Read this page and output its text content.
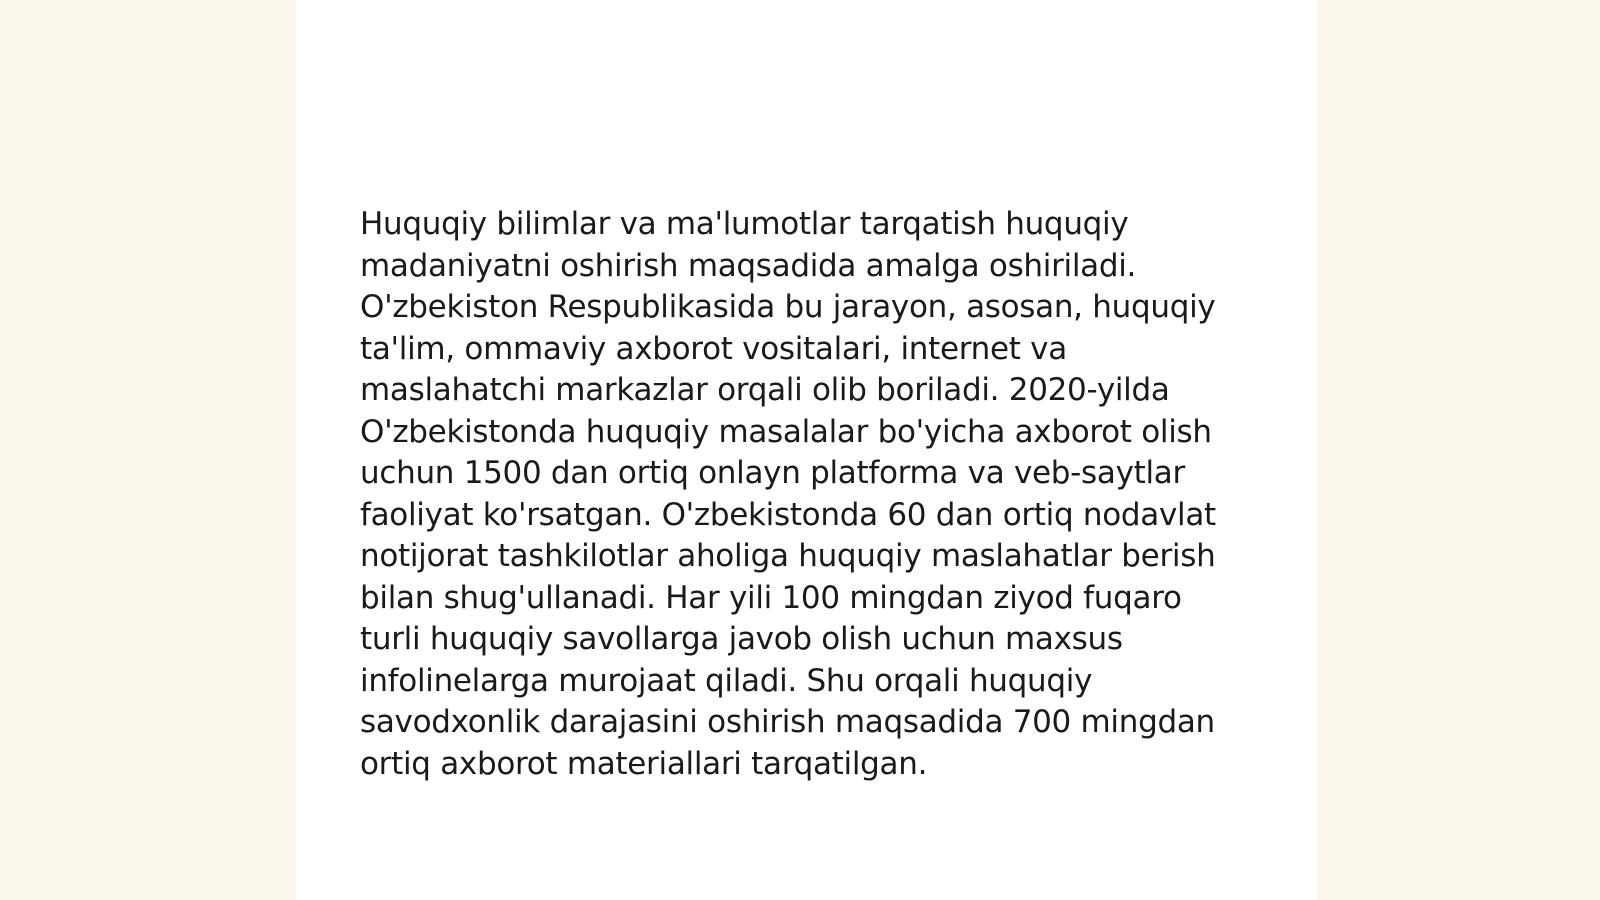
Huquqiy bilimlar va ma'lumotlar tarqatish huquqiy madaniyatni oshirish maqsadida amalga oshiriladi. O'zbekiston Respublikasida bu jarayon, asosan, huquqiy ta'lim, ommaviy axborot vositalari, internet va maslahatchi markazlar orqali olib boriladi. 2020-yilda O'zbekistonda huquqiy masalalar bo'yicha axborot olish uchun 1500 dan ortiq onlayn platforma va veb-saytlar faoliyat ko'rsatgan. O'zbekistonda 60 dan ortiq nodavlat notijorat tashkilotlar aholiga huquqiy maslahatlar berish bilan shug'ullanadi. Har yili 100 mingdan ziyod fuqaro turli huquqiy savollarga javob olish uchun maxsus infolinelarga murojaat qiladi. Shu orqali huquqiy savodxonlik darajasini oshirish maqsadida 700 mingdan ortiq axborot materiallari tarqatilgan.
